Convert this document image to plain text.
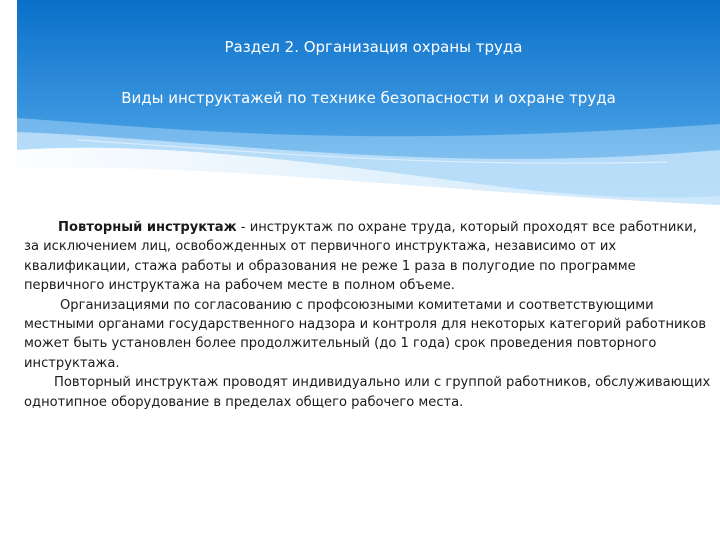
Раздел 2. Организация охраны труда
Виды инструктажей по технике безопасности и охране труда

Повторный инструктаж - инструктаж по охране труда, который проходят все работники, за исключением лиц, освобожденных от первичного инструктажа, независимо от их квалификации, стажа работы и образования не реже 1 раза в полугодие по программе первичного инструктажа на рабочем месте в полном объеме.

Организациями по согласованию с профсоюзными комитетами и соответствующими местными органами государственного надзора и контроля для некоторых категорий работников может быть установлен более продолжительный (до 1 года) срок проведения повторного инструктажа.

Повторный инструктаж проводят индивидуально или с группой работников, обслуживающих однотипное оборудование в пределах общего рабочего места.
